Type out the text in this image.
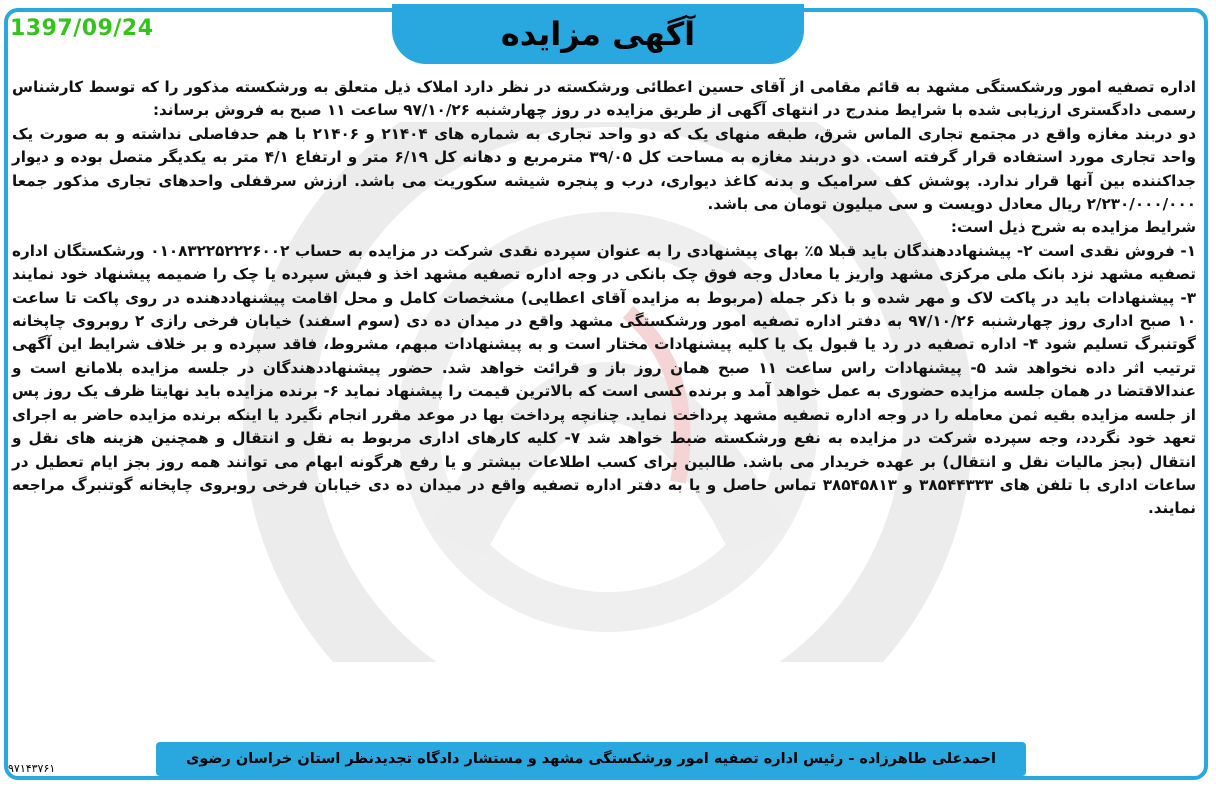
1397/09/24	آگهی مزایده

اداره تصفیه امور ورشکستگی مشهد به قائم مقامی از آقای حسین اعطائی ورشکسته در نظر دارد املاک ذیل متعلق به ورشکسته مذکور را که توسط کارشناس رسمی دادگستری ارزیابی شده با شرایط مندرج در انتهای آگهی از طریق مزایده در روز چهارشنبه ۹۷/۱۰/۲۶ ساعت ۱۱ صبح به فروش برساند:

دو دربند مغازه واقع در مجتمع تجاری الماس شرق، طبقه منهای یک که دو واحد تجاری به شماره های ۲۱۴۰۴ و ۲۱۴۰۶ با هم حدفاصلی نداشته و به صورت یک واحد تجاری مورد استفاده قرار گرفته است. دو دربند مغازه به مساحت کل ۳۹/۰۵ مترمربع و دهانه کل ۶/۱۹ متر و ارتفاع ۴/۱ متر به یکدیگر متصل بوده و دیوار جداکننده بین آنها قرار ندارد. پوشش کف سرامیک و بدنه کاغذ دیواری، درب و پنجره شیشه سکوریت می باشد. ارزش سرقفلی واحدهای تجاری مذکور جمعا ۲/۲۳۰/۰۰۰/۰۰۰ ریال معادل دویست و سی میلیون تومان می باشد.

شرایط مزایده به شرح ذیل است:

۱- فروش نقدی است ۲- پیشنهاددهندگان باید قبلا ۵٪ بهای پیشنهادی را به عنوان سپرده نقدی شرکت در مزایده به حساب ۰۱۰۸۳۲۲۵۲۲۲۶۰۰۲ ورشکستگان اداره تصفیه مشهد نزد بانک ملی مرکزی مشهد واریز یا معادل وجه فوق چک بانکی در وجه اداره تصفیه مشهد اخذ و فیش سپرده یا چک را ضمیمه پیشنهاد خود نمایند ۳- پیشنهادات باید در پاکت لاک و مهر شده و با ذکر جمله (مربوط به مزایده آقای اعطایی) مشخصات کامل و محل اقامت پیشنهاددهنده در روی پاکت تا ساعت ۱۰ صبح اداری روز چهارشنبه ۹۷/۱۰/۲۶ به دفتر اداره تصفیه امور ورشکستگی مشهد واقع در میدان ده دی (سوم اسفند) خیابان فرخی رازی ۲ روبروی چاپخانه گوتنبرگ تسلیم شود ۴- اداره تصفیه در رد یا قبول یک یا کلیه پیشنهادات مختار است و به پیشنهادات مبهم، مشروط، فاقد سپرده و بر خلاف شرایط این آگهی ترتیب اثر داده نخواهد شد ۵- پیشنهادات راس ساعت ۱۱ صبح همان روز باز و قرائت خواهد شد. حضور پیشنهاددهندگان در جلسه مزایده بلامانع است و عندالاقتضا در همان جلسه مزایده حضوری به عمل خواهد آمد و برنده کسی است که بالاترین قیمت را پیشنهاد نماید ۶- برنده مزایده باید نهایتا ظرف یک روز پس از جلسه مزایده بقیه ثمن معامله را در وجه اداره تصفیه مشهد پرداخت نماید. چنانچه پرداخت بها در موعد مقرر انجام نگیرد یا اینکه برنده مزایده حاضر به اجرای تعهد خود نگردد، وجه سپرده شرکت در مزایده به نفع ورشکسته ضبط خواهد شد ۷- کلیه کارهای اداری مربوط به نقل و انتقال و همچنین هزینه های نقل و انتقال (بجز مالیات نقل و انتقال) بر عهده خریدار می باشد. طالبین برای کسب اطلاعات بیشتر و یا رفع هرگونه ابهام می توانند همه روز بجز ایام تعطیل در ساعات اداری با تلفن های ۳۸۵۴۴۳۳۳ و ۳۸۵۴۵۸۱۳ تماس حاصل و یا به دفتر اداره تصفیه واقع در میدان ده دی خیابان فرخی روبروی چاپخانه گوتنبرگ مراجعه نمایند.

احمدعلی طاهرزاده - رئیس اداره تصفیه امور ورشکستگی مشهد و مستشار دادگاه تجدیدنظر استان خراسان رضوی
۹۷۱۴۳۷۶۱
